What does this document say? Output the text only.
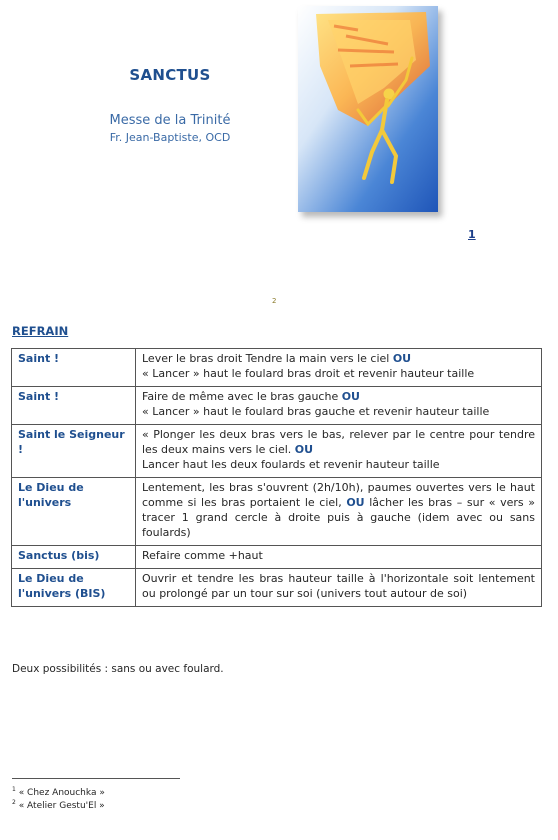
SANCTUS
Messe de la Trinité
Fr. Jean-Baptiste, OCD
1
2
REFRAIN
Saint !	Lever le bras droit Tendre la main vers le ciel OU
« Lancer » haut le foulard bras droit et revenir hauteur taille

Saint !	Faire de même avec le bras gauche OU
« Lancer » haut le foulard bras gauche et revenir hauteur taille

Saint le Seigneur !	« Plonger les deux bras vers le bas, relever par le centre pour tendre les deux mains vers le ciel. OU
Lancer haut les deux foulards et revenir hauteur taille

Le Dieu de l'univers	Lentement, les bras s'ouvrent (2h/10h), paumes ouvertes vers le haut comme si les bras portaient le ciel, OU lâcher les bras – sur « vers » tracer 1 grand cercle à droite puis à gauche (idem avec ou sans foulards)

Sanctus (bis)	Refaire comme +haut

Le Dieu de l'univers (BIS)	Ouvrir et tendre les bras hauteur taille à l'horizontale soit lentement ou prolongé par un tour sur soi (univers tout autour de soi)
Deux possibilités : sans ou avec foulard.
$^1$ « Chez Anouchka »
$^2$ « Atelier Gestu'El »
